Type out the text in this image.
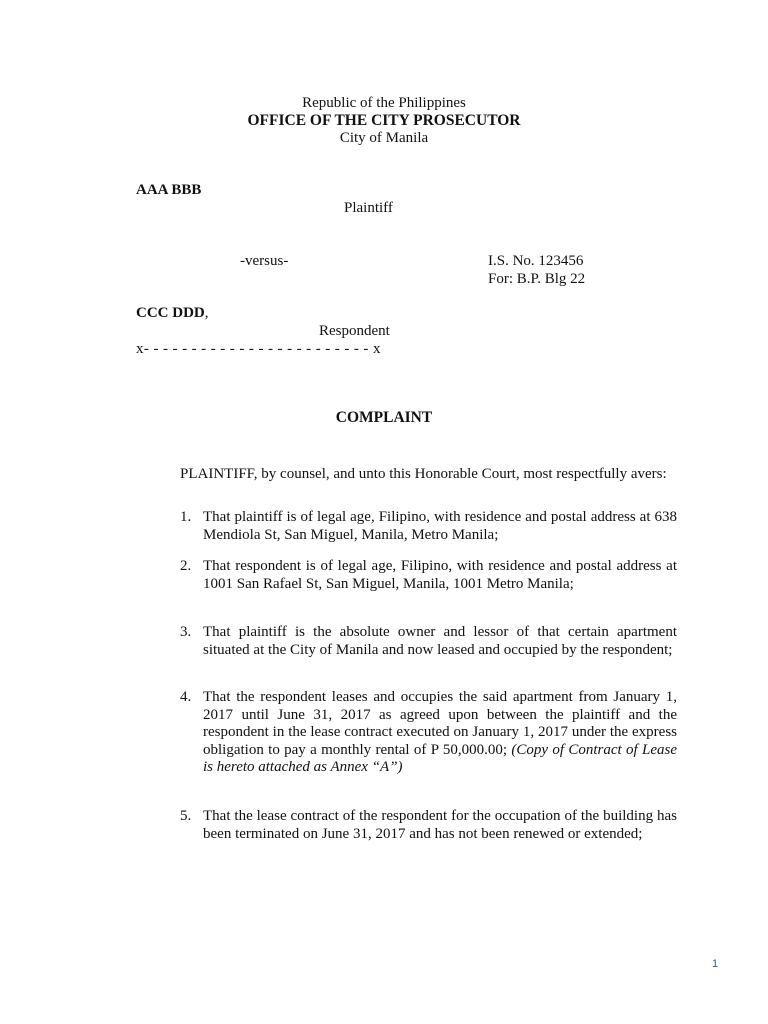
Republic of the Philippines
OFFICE OF THE CITY PROSECUTOR
City of Manila
AAA BBB
Plaintiff
-versus-	I.S. No. 123456
For: B.P. Blg 22
CCC DDD,
Respondent
x- - - - - - - - - - - - - - - - - - - - - - - - x
COMPLAINT
PLAINTIFF, by counsel, and unto this Honorable Court, most respectfully avers:
1. That plaintiff is of legal age, Filipino, with residence and postal address at 638 Mendiola St, San Miguel, Manila, Metro Manila;
2. That respondent is of legal age, Filipino, with residence and postal address at 1001 San Rafael St, San Miguel, Manila, 1001 Metro Manila;
3. That plaintiff is the absolute owner and lessor of that certain apartment situated at the City of Manila and now leased and occupied by the respondent;
4. That the respondent leases and occupies the said apartment from January 1, 2017 until June 31, 2017 as agreed upon between the plaintiff and the respondent in the lease contract executed on January 1, 2017 under the express obligation to pay a monthly rental of P 50,000.00; (Copy of Contract of Lease is hereto attached as Annex “A”)
5. That the lease contract of the respondent for the occupation of the building has been terminated on June 31, 2017 and has not been renewed or extended;
1
